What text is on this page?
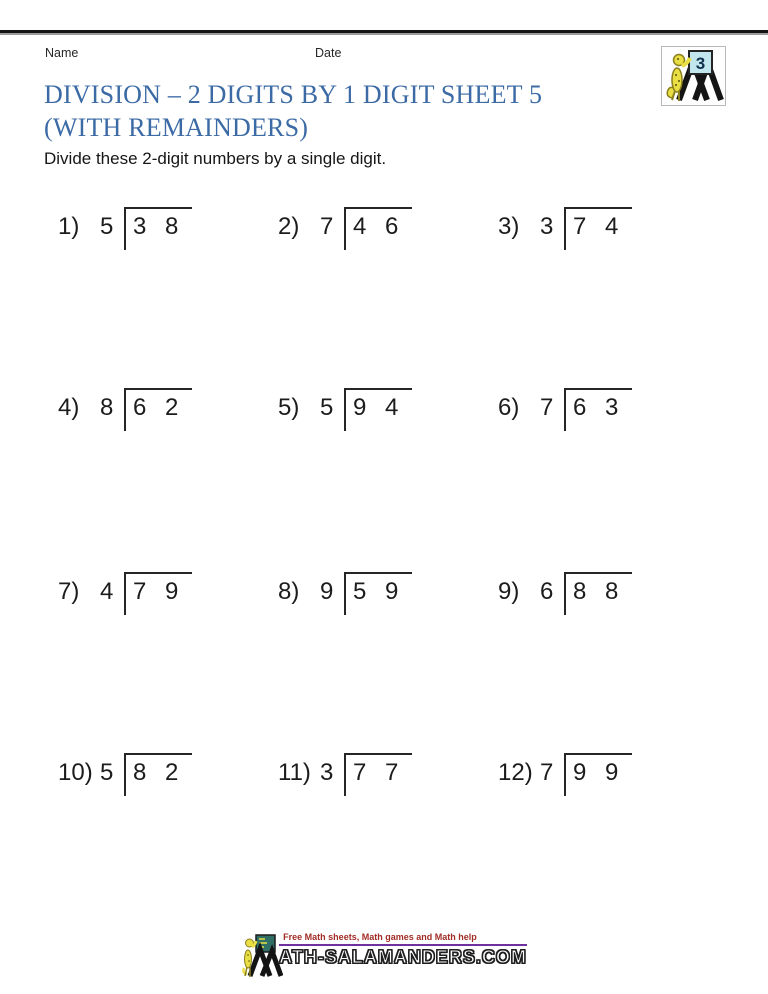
Name	Date
3
DIVISION – 2 DIGITS BY 1 DIGIT SHEET 5
(WITH REMAINDERS)
Divide these 2-digit numbers by a single digit.
1) 5 3 8	2) 7 4 6	3) 3 7 4
4) 8 6 2	5) 5 9 4	6) 7 6 3
7) 4 7 9	8) 9 5 9	9) 6 8 8
10) 5 8 2	11) 3 7 7	12) 7 9 9
Free Math sheets, Math games and Math help
ATH-SALAMANDERS.COM
